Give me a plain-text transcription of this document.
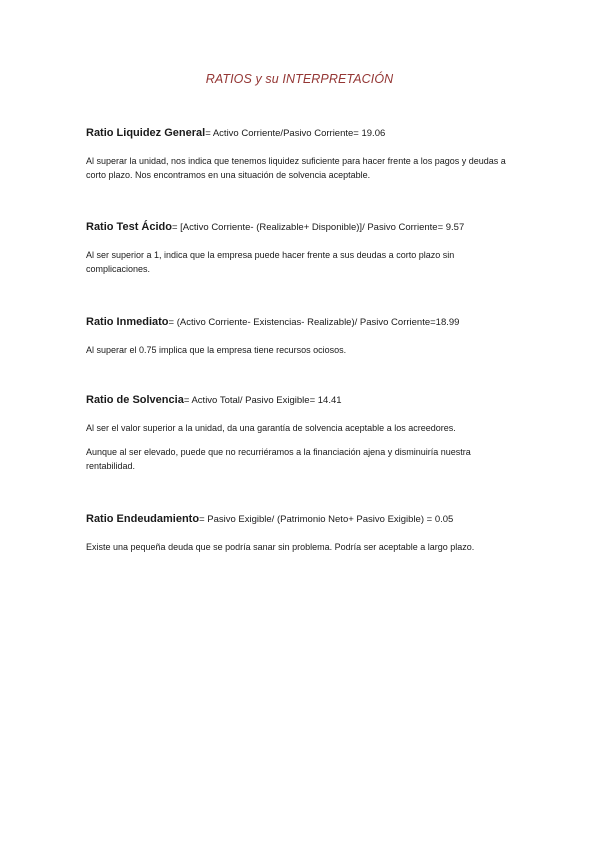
RATIOS y su INTERPRETACIÓN
Ratio Liquidez General= Activo Corriente/Pasivo Corriente= 19.06

Al superar la unidad, nos indica que tenemos liquidez suficiente para hacer frente a los pagos y deudas a corto plazo. Nos encontramos en una situación de solvencia aceptable.

Ratio Test Ácido= [Activo Corriente- (Realizable+ Disponible)]/ Pasivo Corriente= 9.57

Al ser superior a 1, indica que la empresa puede hacer frente a sus deudas a corto plazo sin complicaciones.

Ratio Inmediato= (Activo Corriente- Existencias- Realizable)/ Pasivo Corriente=18.99

Al superar el 0.75 implica que la empresa tiene recursos ociosos.

Ratio de Solvencia= Activo Total/ Pasivo Exigible= 14.41

Al ser el valor superior a la unidad, da una garantía de solvencia aceptable a los acreedores.

Aunque al ser elevado, puede que no recurriéramos a la financiación ajena y disminuiría nuestra rentabilidad.

Ratio Endeudamiento= Pasivo Exigible/ (Patrimonio Neto+ Pasivo Exigible) = 0.05

Existe una pequeña deuda que se podría sanar sin problema. Podría ser aceptable a largo plazo.
